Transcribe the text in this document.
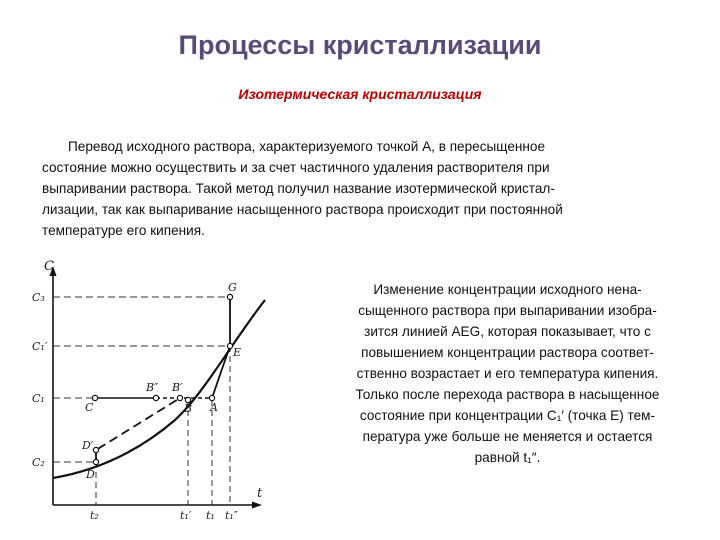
Процессы кристаллизации
Изотермическая кристаллизация
Перевод исходного раствора, характеризуемого точкой А, в пересыщенное
состояние можно осуществить и за счет частичного удаления растворителя при
выпаривании раствора. Такой метод получил название изотермической кристал-
лизации, так как выпаривание насыщенного раствора происходит при постоянной
температуре его кипения.
Изменение концентрации исходного нена-
сыщенного раствора при выпаривании изобра-
зится линией AEG, которая показывает, что с
повышением концентрации раствора соответ-
ственно возрастает и его температура кипения.
Только после перехода раствора в насыщенное
состояние при концентрации C₁′ (точка E) тем-
пература уже больше не меняется и остается
равной t₁″.
C
t
G
E
C
B″ B′
B A
D′
D
C₃
C₁′
C₁
C₂
t₂	t₁′ t₁ t₁″
